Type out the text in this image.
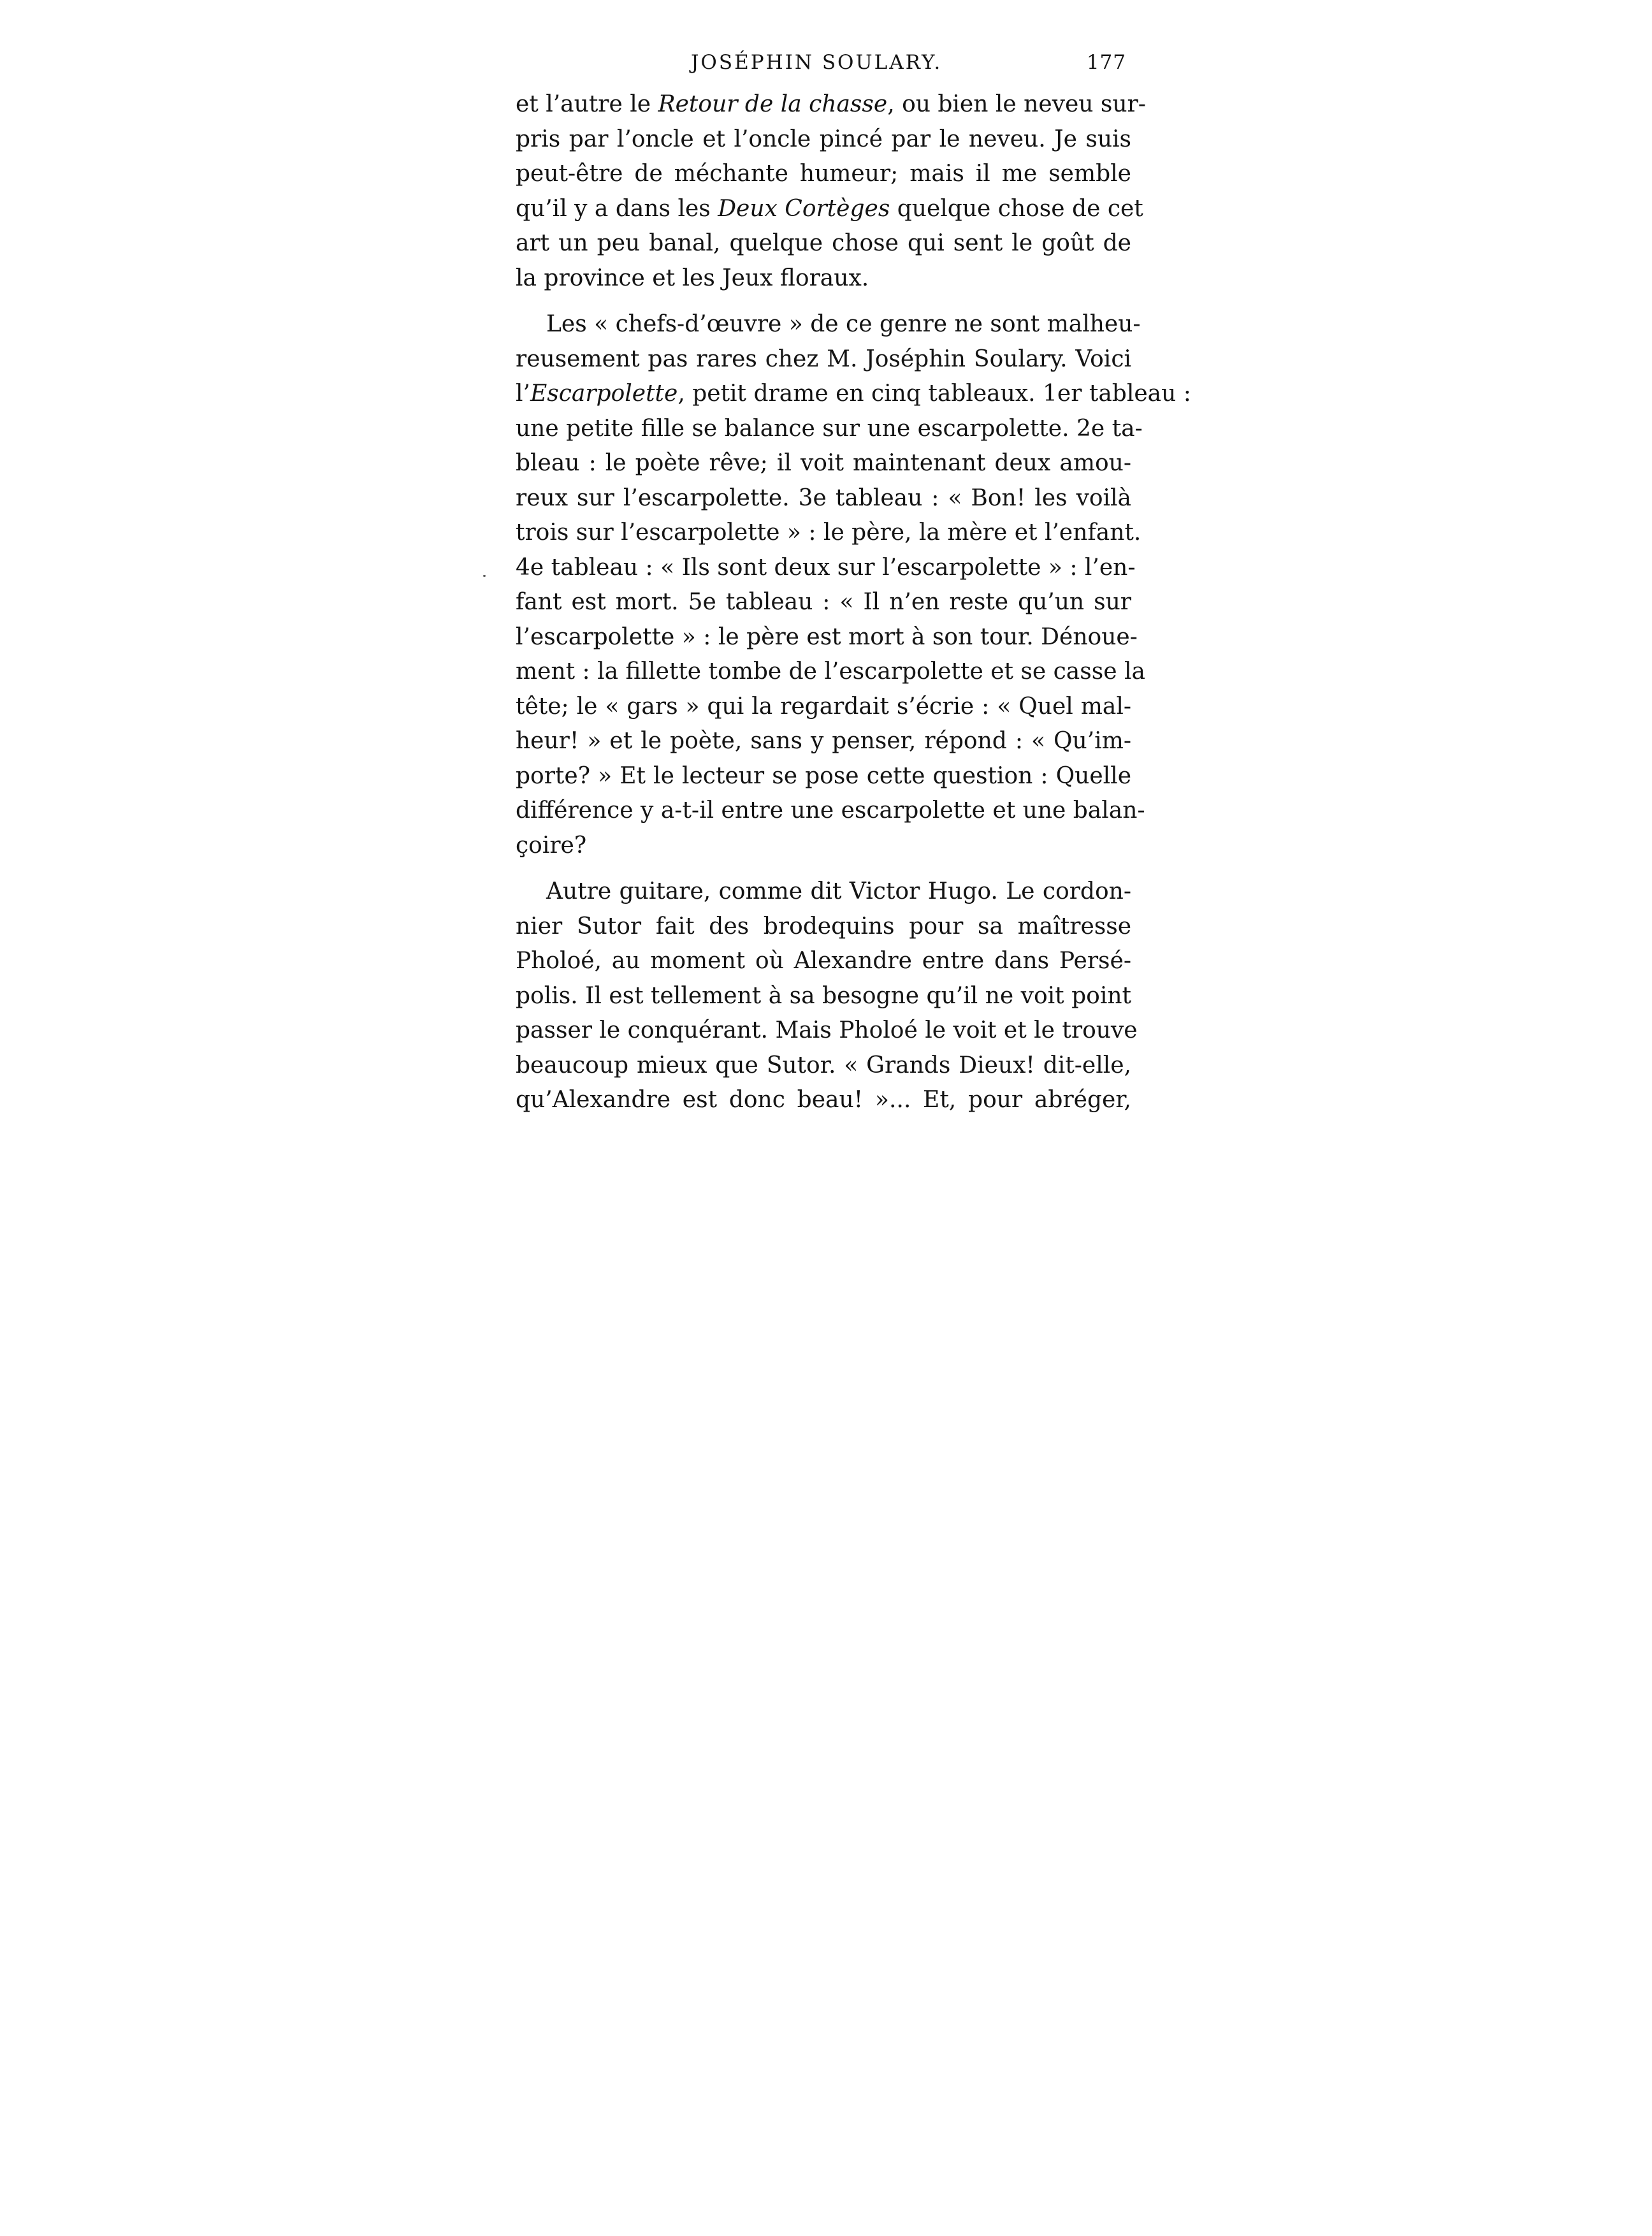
JOSÉPHIN SOULARY.	177
et l’autre le Retour de la chasse, ou bien le neveu sur-
pris par l’oncle et l’oncle pincé par le neveu. Je suis
peut-être de méchante humeur; mais il me semble
qu’il y a dans les Deux Cortèges quelque chose de cet
art un peu banal, quelque chose qui sent le goût de
la province et les Jeux floraux.
Les « chefs-d’œuvre » de ce genre ne sont malheu-
reusement pas rares chez M. Joséphin Soulary. Voici
l’Escarpolette, petit drame en cinq tableaux. 1er tableau :
une petite fille se balance sur une escarpolette. 2e ta-
bleau : le poète rêve; il voit maintenant deux amou-
reux sur l’escarpolette. 3e tableau : « Bon! les voilà
trois sur l’escarpolette » : le père, la mère et l’enfant.
4e tableau : « Ils sont deux sur l’escarpolette » : l’en-
fant est mort. 5e tableau : « Il n’en reste qu’un sur
l’escarpolette » : le père est mort à son tour. Dénoue-
ment : la fillette tombe de l’escarpolette et se casse la
tête; le « gars » qui la regardait s’écrie : « Quel mal-
heur! » et le poète, sans y penser, répond : « Qu’im-
porte? » Et le lecteur se pose cette question : Quelle
différence y a-t-il entre une escarpolette et une balan-
çoire?
Autre guitare, comme dit Victor Hugo. Le cordon-
nier Sutor fait des brodequins pour sa maîtresse
Pholoé, au moment où Alexandre entre dans Persé-
polis. Il est tellement à sa besogne qu’il ne voit point
passer le conquérant. Mais Pholoé le voit et le trouve
beaucoup mieux que Sutor. « Grands Dieux! dit-elle,
qu’Alexandre est donc beau! »... Et, pour abréger,
